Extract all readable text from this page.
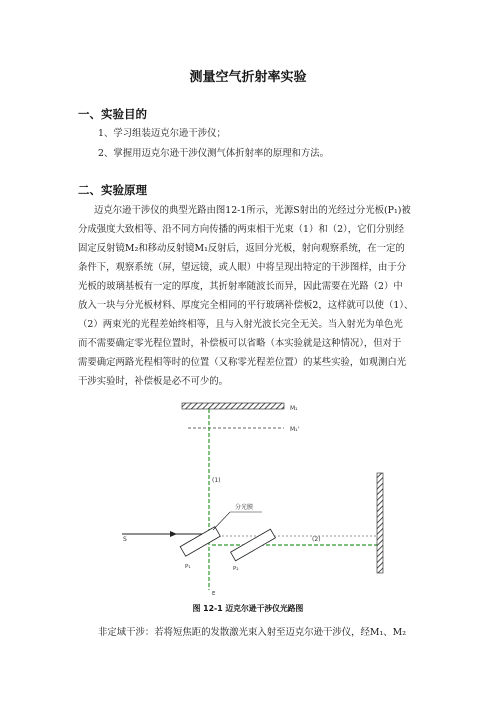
测量空气折射率实验
一、实验目的
1、学习组装迈克尔逊干涉仪；
2、掌握用迈克尔逊干涉仪测气体折射率的原理和方法。
二、实验原理
迈克尔逊干涉仪的典型光路由图12-1所示，光源S射出的光经过分光板(P₁)被
分成强度大致相等、沿不同方向传播的两束相干光束（1）和（2），它们分别经
固定反射镜M₂和移动反射镜M₁反射后，返回分光板，射向观察系统，在一定的
条件下，观察系统（屏，望远镜，或人眼）中将呈现出特定的干涉图样，由于分
光板的玻璃基板有一定的厚度，其折射率随波长而异，因此需要在光路（2）中
放入一块与分光板材料、厚度完全相同的平行玻璃补偿板2，这样就可以使（1）、
（2）两束光的光程差始终相等，且与入射光波长完全无关。当入射光为单色光
而不需要确定零光程位置时，补偿板可以省略（本实验就是这种情况），但对于
需要确定两路光程相等时的位置（又称零光程差位置）的某些实验，如观测白光
干涉实验时，补偿板是必不可少的。
M₁
M₁'
(1)
(2)
S
P₁	P₂
分光膜
E
图 12-1 迈克尔逊干涉仪光路图
非定域干涉：若将短焦距的发散激光束入射至迈克尔逊干涉仪，经M₁、M₂
